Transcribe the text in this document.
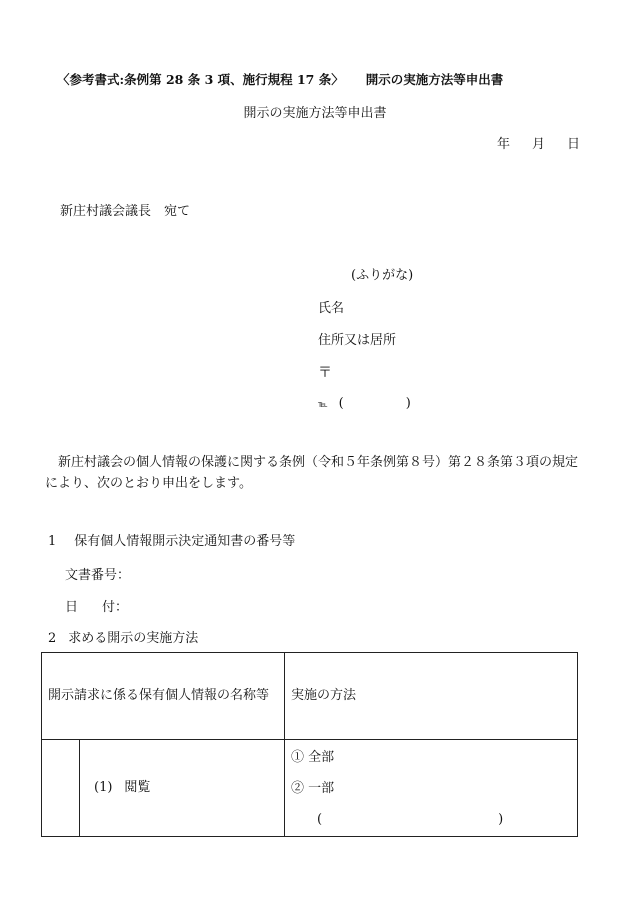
〈参考書式:条例第 28 条 3 項、施行規程 17 条〉 開示の実施方法等申出書
開示の実施方法等申出書
年 月 日
新庄村議会議長　宛て
(ふりがな)
氏名
住所又は居所
〒
℡ (	)
新庄村議会の個人情報の保護に関する条例（令和５年条例第８号）第２８条第３項の規定により、次のとおり申出をします。
1 保有個人情報開示決定通知書の番号等
文書番号：
日 付：
2 求める開示の実施方法
開示請求に係る保有個人情報の名称等		実施の方法

	(1) 閲覧	① 全部
② 一部
( )
